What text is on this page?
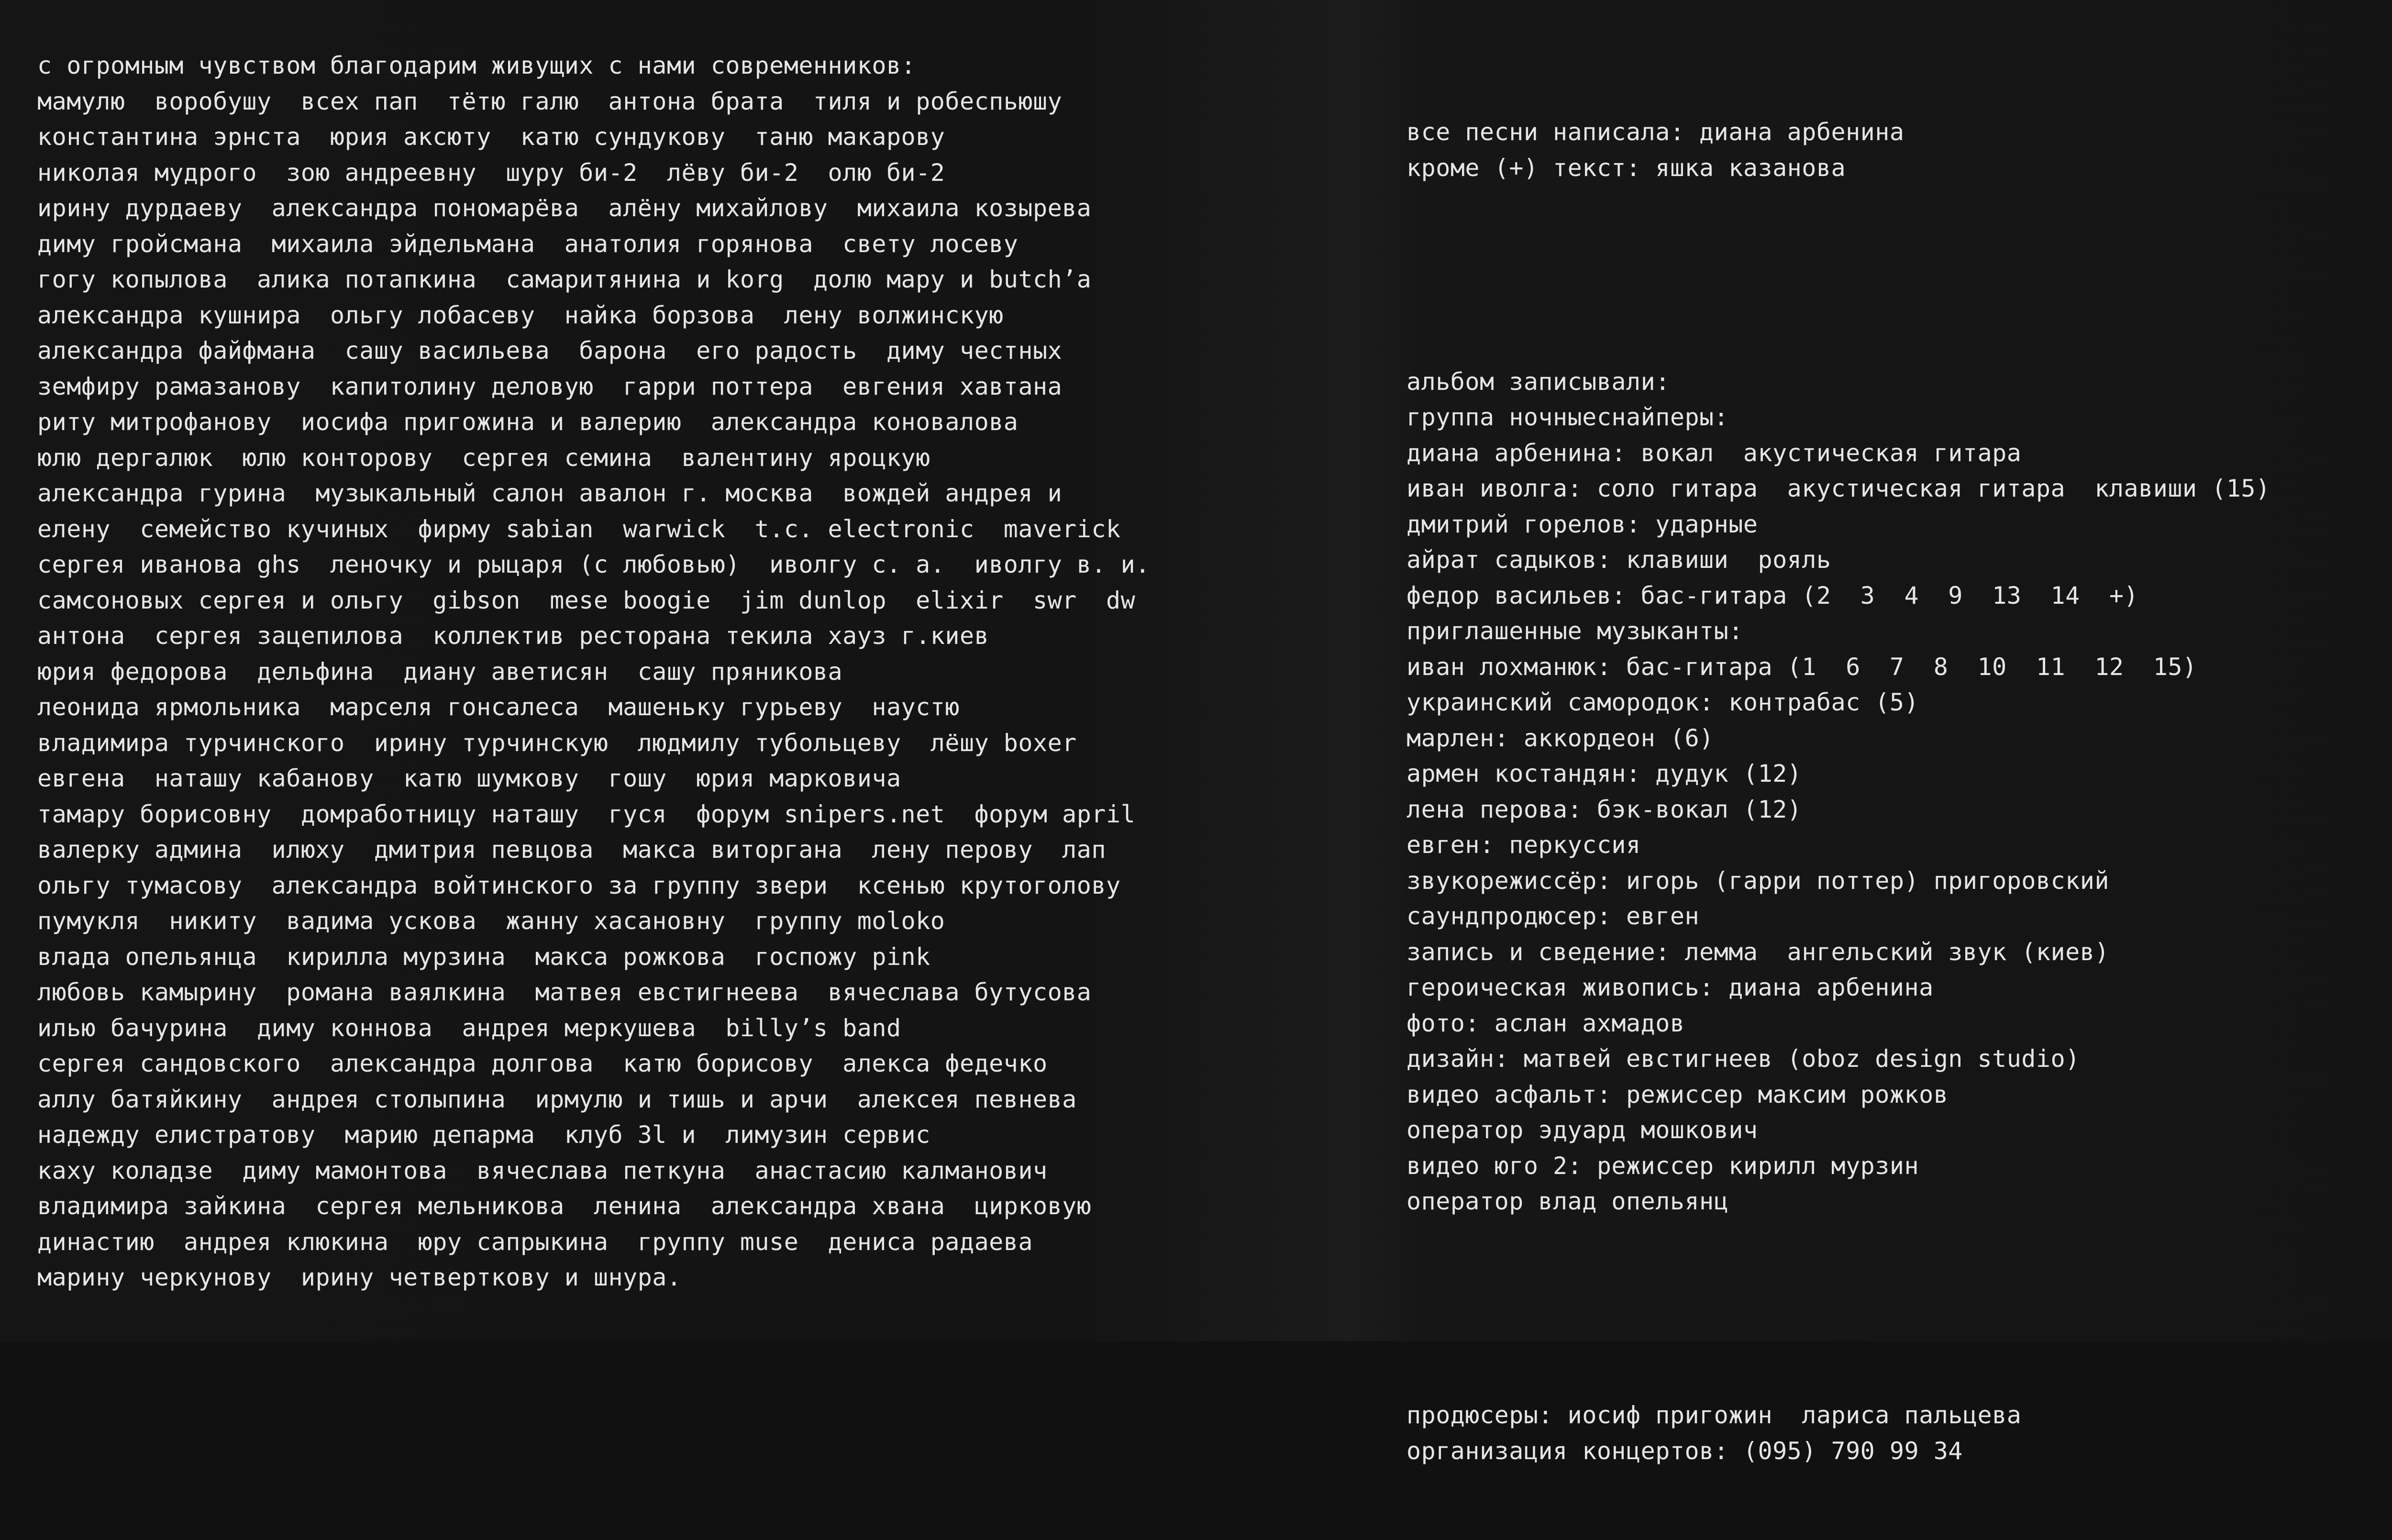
с огромным чувством благодарим живущих с нами современников:
мамулю  воробушу  всех пап  тётю галю  антона брата  тиля и робеспьюшу
константина эрнста  юрия аксюту  катю сундукову  таню макарову
николая мудрого  зою андреевну  шуру би-2  лёву би-2  олю би-2
ирину дурдаеву  александра пономарёва  алёну михайлову  михаила козырева
диму гройсмана  михаила эйдельмана  анатолия горянова  свету лосеву
гогу копылова  алика потапкина  самаритянина и korg  долю мару и butch’a
александра кушнира  ольгу лобасеву  найка борзова  лену волжинскую
александра файфмана  сашу васильева  барона  его радость  диму честных
земфиру рамазанову  капитолину деловую  гарри поттера  евгения хавтана
риту митрофанову  иосифа пригожина и валерию  александра коновалова
юлю дергалюк  юлю конторову  сергея семина  валентину яроцкую
александра гурина  музыкальный салон авалон г. москва  вождей андрея и
елену  семейство кучиных  фирму sabian  warwick  t.c. electronic  maverick
сергея иванова ghs  леночку и рыцаря (с любовью)  иволгу с. а.  иволгу в. и.
самсоновых сергея и ольгу  gibson  mese boogie  jim dunlop  elixir  swr  dw
антона  сергея зацепилова  коллектив ресторана текила хауз г.киев
юрия федорова  дельфина  диану аветисян  сашу пряникова
леонида ярмольника  марселя гонсалеса  машеньку гурьеву  наустю
владимира турчинского  ирину турчинскую  людмилу тубольцеву  лёшу boxer
евгена  наташу кабанову  катю шумкову  гошу  юрия марковича
тамару борисовну  домработницу наташу  гуся  форум snipers.net  форум april
валерку админа  илюху  дмитрия певцова  макса виторгана  лену перову  лап
ольгу тумасову  александра войтинского за группу звери  ксенью крутоголову
пумукля  никиту  вадима ускова  жанну хасановну  группу moloko
влада опельянца  кирилла мурзина  макса рожкова  госпожу pink
любовь камырину  романа ваялкина  матвея евстигнеева  вячеслава бутусова
илью бачурина  диму коннова  андрея меркушева  billy’s band
сергея сандовского  александра долгова  катю борисову  алекса федечко
аллу батяйкину  андрея столыпина  ирмулю и тишь и арчи  алексея певнева
надежду елистратову  марию депарма  клуб 3l и  лимузин сервис
каху коладзе  диму мамонтова  вячеслава петкуна  анастасию калманович
владимира зайкина  сергея мельникова  ленина  александра хвана  цирковую
династию  андрея клюкина  юру сапрыкина  группу muse  дениса радаева
марину черкунову  ирину четверткову и шнура.

все песни написала: диана арбенина
кроме (+) текст: яшка казанова

альбом записывали:
группа ночныеснайперы:
диана арбенина: вокал  акустическая гитара
иван иволга: соло гитара  акустическая гитара  клавиши (15)
дмитрий горелов: ударные
айрат садыков: клавиши  рояль
федор васильев: бас-гитара (2  3  4  9  13  14  +)
приглашенные музыканты:
иван лохманюк: бас-гитара (1  6  7  8  10  11  12  15)
украинский самородок: контрабас (5)
марлен: аккордеон (6)
армен костандян: дудук (12)
лена перова: бэк-вокал (12)
евген: перкуссия
звукорежиссёр: игорь (гарри поттер) пригоровский
саундпродюсер: евген
запись и сведение: лемма  ангельский звук (киев)
героическая живопись: диана арбенина
фото: аслан ахмадов
дизайн: матвей евстигнеев (oboz design studio)
видео асфальт: режиссер максим рожков
оператор эдуард мошкович
видео юго 2: режиссер кирилл мурзин
оператор влад опельянц

продюсеры: иосиф пригожин  лариса пальцева
организация концертов: (095) 790 99 34
